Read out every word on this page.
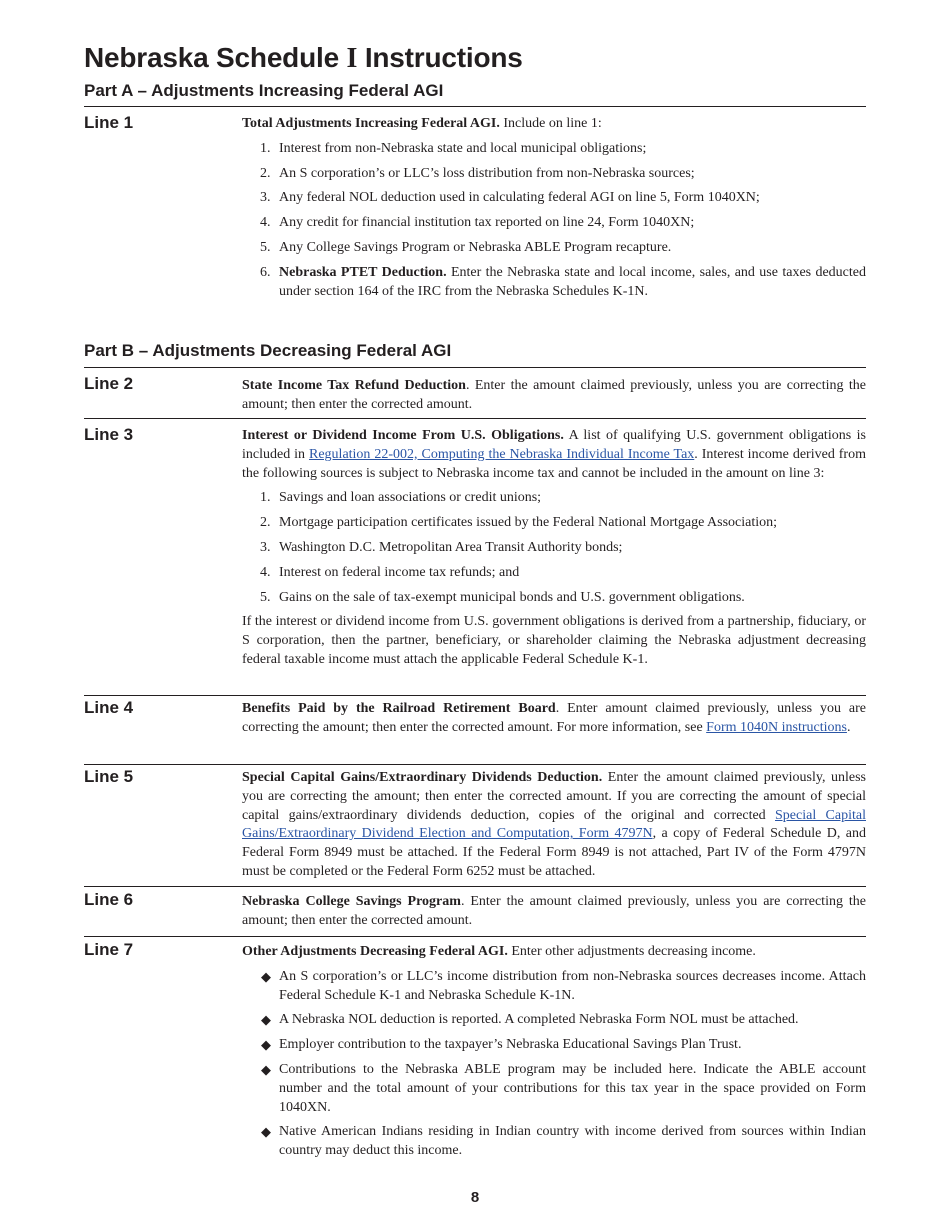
Nebraska Schedule I Instructions
Part A – Adjustments Increasing Federal AGI
Line 1	Total Adjustments Increasing Federal AGI. Include on line 1:

1. Interest from non-Nebraska state and local municipal obligations;
2. An S corporation’s or LLC’s loss distribution from non-Nebraska sources;
3. Any federal NOL deduction used in calculating federal AGI on line 5, Form 1040XN;
4. Any credit for financial institution tax reported on line 24, Form 1040XN;
5. Any College Savings Program or Nebraska ABLE Program recapture.
6. Nebraska PTET Deduction. Enter the Nebraska state and local income, sales, and use taxes deducted under section 164 of the IRC from the Nebraska Schedules K-1N.
Part B – Adjustments Decreasing Federal AGI
Line 2	State Income Tax Refund Deduction. Enter the amount claimed previously, unless you are correcting the amount; then enter the corrected amount.

Line 3	Interest or Dividend Income From U.S. Obligations. A list of qualifying U.S. government obligations is included in Regulation 22-002, Computing the Nebraska Individual Income Tax. Interest income derived from the following sources is subject to Nebraska income tax and cannot be included in the amount on line 3:

1. Savings and loan associations or credit unions;
2. Mortgage participation certificates issued by the Federal National Mortgage Association;
3. Washington D.C. Metropolitan Area Transit Authority bonds;
4. Interest on federal income tax refunds; and
5. Gains on the sale of tax-exempt municipal bonds and U.S. government obligations.

If the interest or dividend income from U.S. government obligations is derived from a partnership, fiduciary, or S corporation, then the partner, beneficiary, or shareholder claiming the Nebraska adjustment decreasing federal taxable income must attach the applicable Federal Schedule K-1.

Line 4	Benefits Paid by the Railroad Retirement Board. Enter amount claimed previously, unless you are correcting the amount; then enter the corrected amount. For more information, see Form 1040N instructions.

Line 5	Special Capital Gains/Extraordinary Dividends Deduction. Enter the amount claimed previously, unless you are correcting the amount; then enter the corrected amount. If you are correcting the amount of special capital gains/extraordinary dividends deduction, copies of the original and corrected Special Capital Gains/Extraordinary Dividend Election and Computation, Form 4797N, a copy of Federal Schedule D, and Federal Form 8949 must be attached. If the Federal Form 8949 is not attached, Part IV of the Form 4797N must be completed or the Federal Form 6252 must be attached.

Line 6	Nebraska College Savings Program. Enter the amount claimed previously, unless you are correcting the amount; then enter the corrected amount.

Line 7	Other Adjustments Decreasing Federal AGI. Enter other adjustments decreasing income.

◆ An S corporation’s or LLC’s income distribution from non-Nebraska sources decreases income. Attach Federal Schedule K-1 and Nebraska Schedule K-1N.
◆ A Nebraska NOL deduction is reported. A completed Nebraska Form NOL must be attached.
◆ Employer contribution to the taxpayer’s Nebraska Educational Savings Plan Trust.
◆ Contributions to the Nebraska ABLE program may be included here. Indicate the ABLE account number and the total amount of your contributions for this tax year in the space provided on Form 1040XN.
◆ Native American Indians residing in Indian country with income derived from sources within Indian country may deduct this income.
8
